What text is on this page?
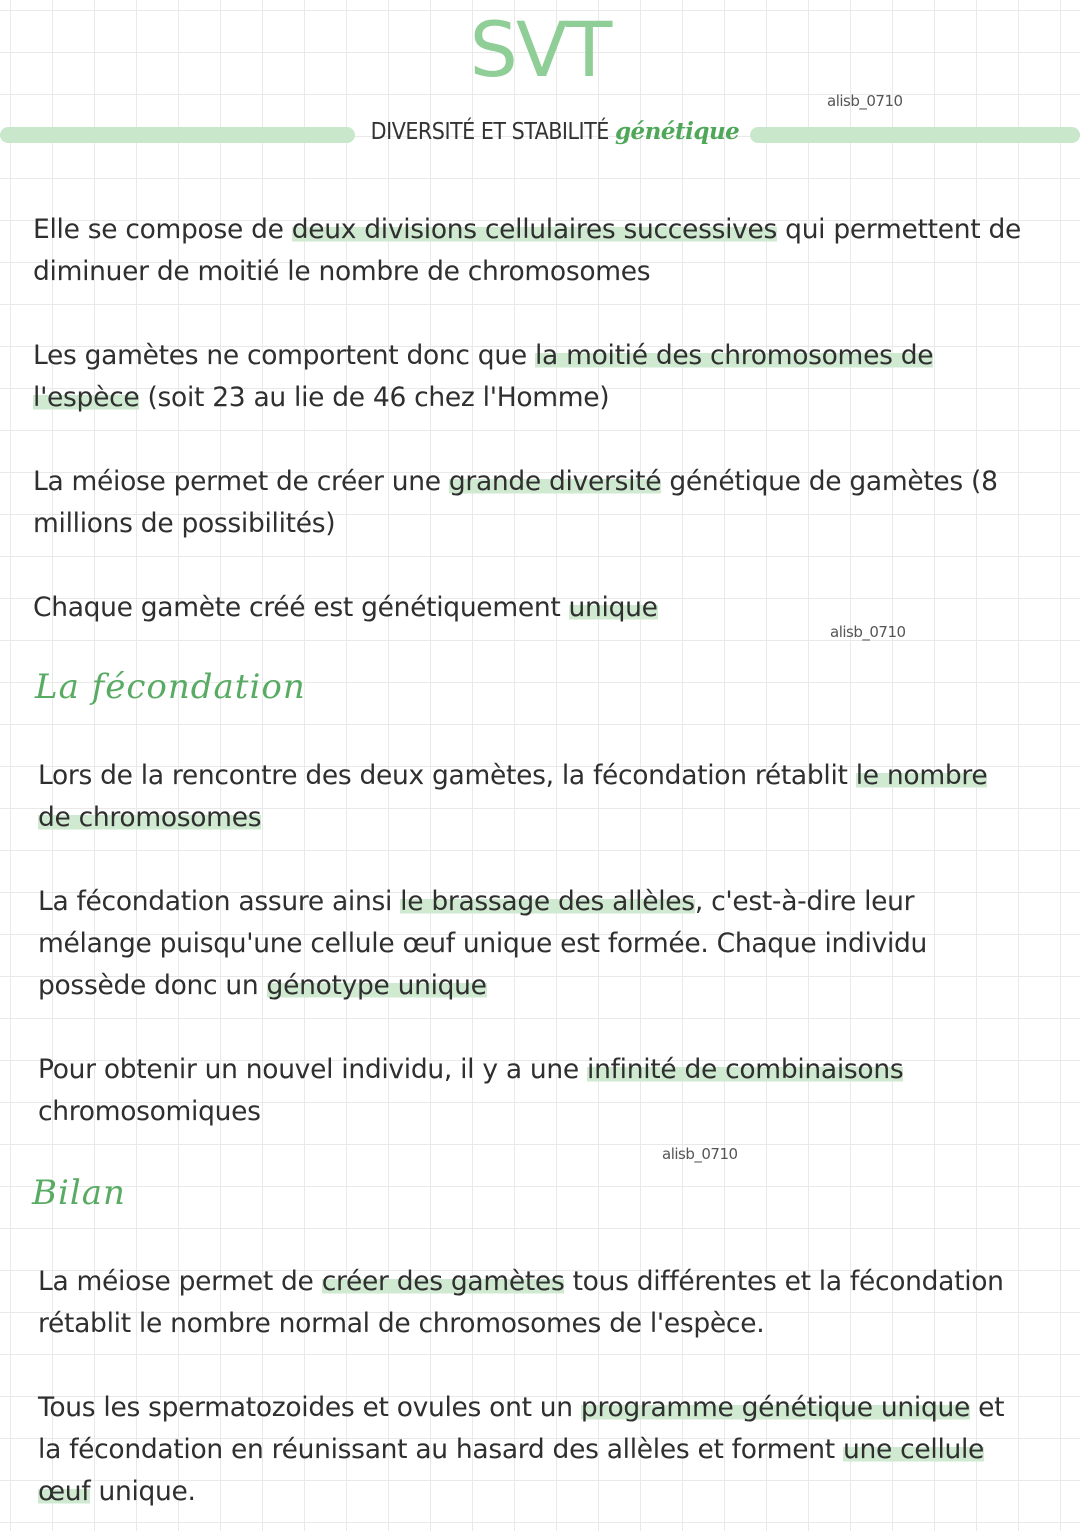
SVT
DIVERSITÉ ET STABILITÉ génétique
alisb_0710
Elle se compose de deux divisions cellulaires successives qui permettent de diminuer de moitié le nombre de chromosomes
Les gamètes ne comportent donc que la moitié des chromosomes de l'espèce (soit 23 au lie de 46 chez l'Homme)
La méiose permet de créer une grande diversité génétique de gamètes (8 millions de possibilités)
Chaque gamète créé est génétiquement unique
alisb_0710
La fécondation
Lors de la rencontre des deux gamètes, la fécondation rétablit le nombre de chromosomes
La fécondation assure ainsi le brassage des allèles, c'est-à-dire leur mélange puisqu'une cellule œuf unique est formée. Chaque individu possède donc un génotype unique
Pour obtenir un nouvel individu, il y a une infinité de combinaisons chromosomiques
alisb_0710
Bilan
La méiose permet de créer des gamètes tous différentes et la fécondation rétablit le nombre normal de chromosomes de l'espèce.
Tous les spermatozoides et ovules ont un programme génétique unique et la fécondation en réunissant au hasard des allèles et forment une cellule œuf unique.
